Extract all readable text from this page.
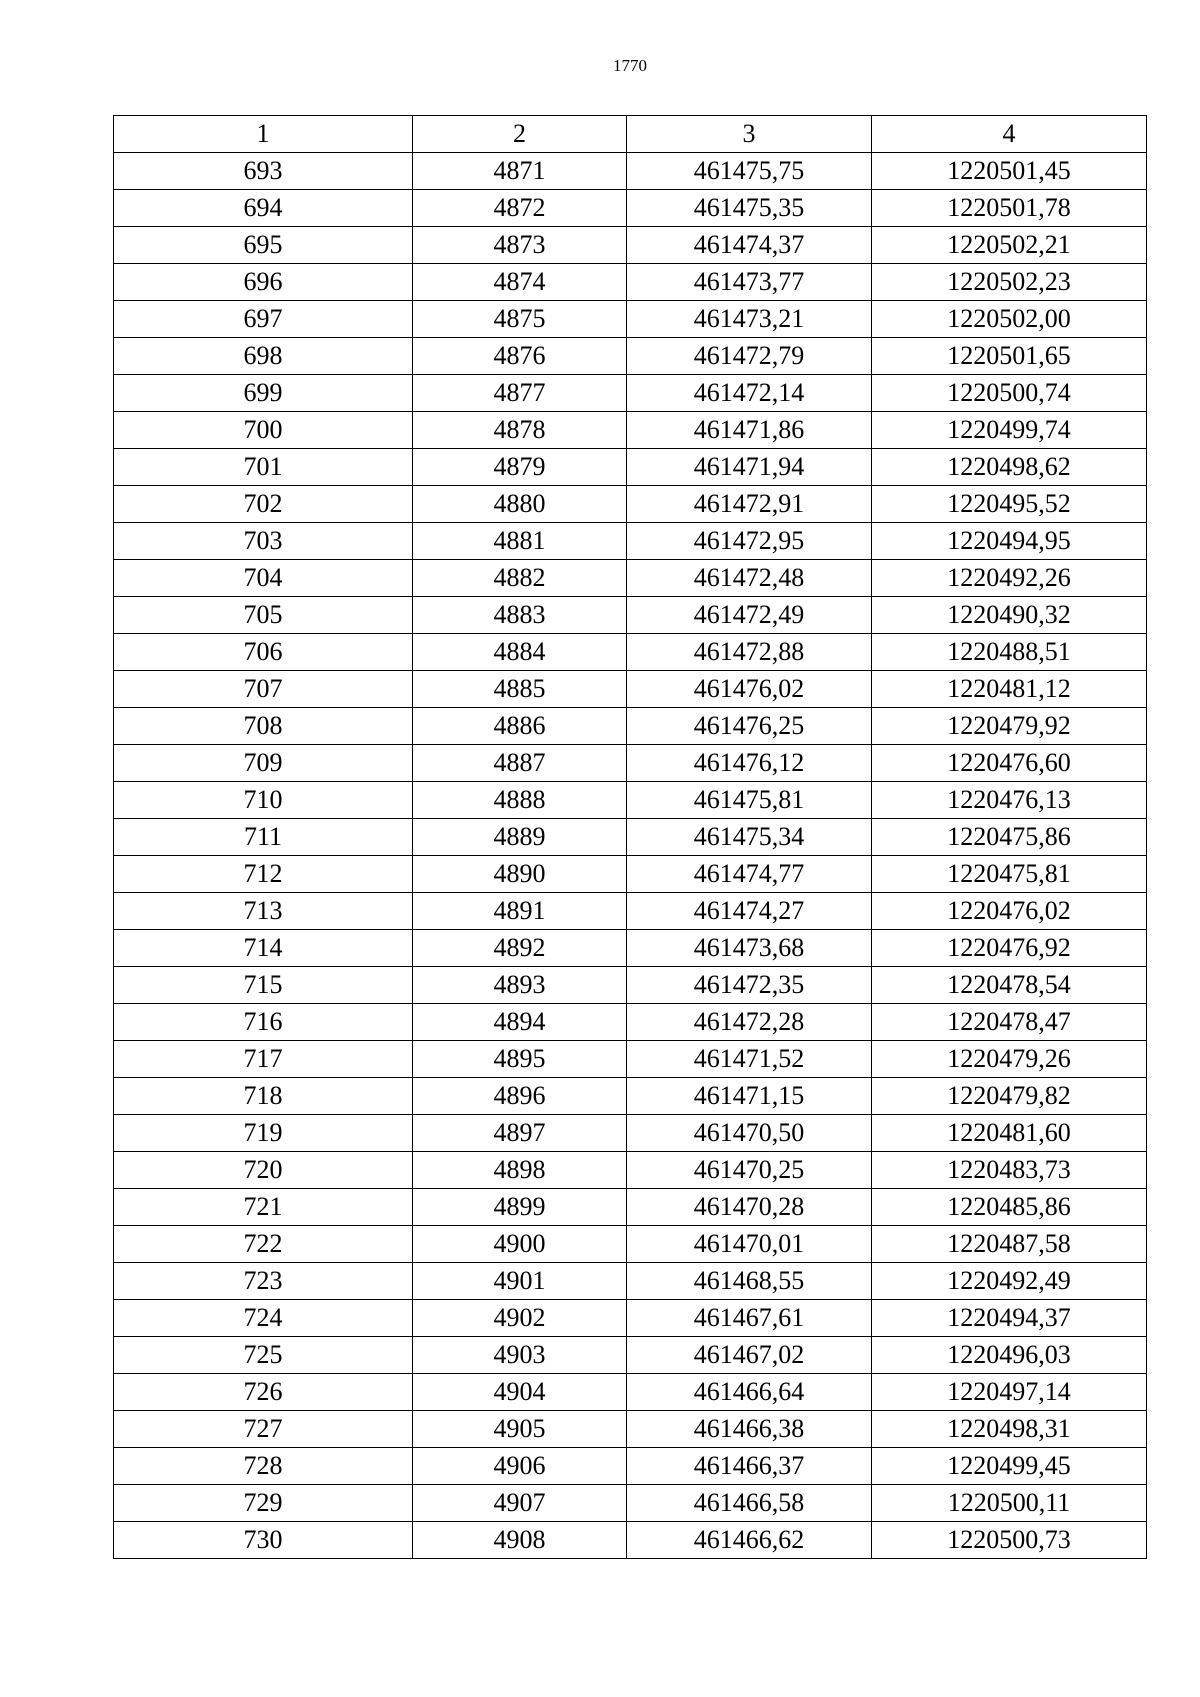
1770
1	2	3	4
693	4871	461475,75	1220501,45
694	4872	461475,35	1220501,78
695	4873	461474,37	1220502,21
696	4874	461473,77	1220502,23
697	4875	461473,21	1220502,00
698	4876	461472,79	1220501,65
699	4877	461472,14	1220500,74
700	4878	461471,86	1220499,74
701	4879	461471,94	1220498,62
702	4880	461472,91	1220495,52
703	4881	461472,95	1220494,95
704	4882	461472,48	1220492,26
705	4883	461472,49	1220490,32
706	4884	461472,88	1220488,51
707	4885	461476,02	1220481,12
708	4886	461476,25	1220479,92
709	4887	461476,12	1220476,60
710	4888	461475,81	1220476,13
711	4889	461475,34	1220475,86
712	4890	461474,77	1220475,81
713	4891	461474,27	1220476,02
714	4892	461473,68	1220476,92
715	4893	461472,35	1220478,54
716	4894	461472,28	1220478,47
717	4895	461471,52	1220479,26
718	4896	461471,15	1220479,82
719	4897	461470,50	1220481,60
720	4898	461470,25	1220483,73
721	4899	461470,28	1220485,86
722	4900	461470,01	1220487,58
723	4901	461468,55	1220492,49
724	4902	461467,61	1220494,37
725	4903	461467,02	1220496,03
726	4904	461466,64	1220497,14
727	4905	461466,38	1220498,31
728	4906	461466,37	1220499,45
729	4907	461466,58	1220500,11
730	4908	461466,62	1220500,73
